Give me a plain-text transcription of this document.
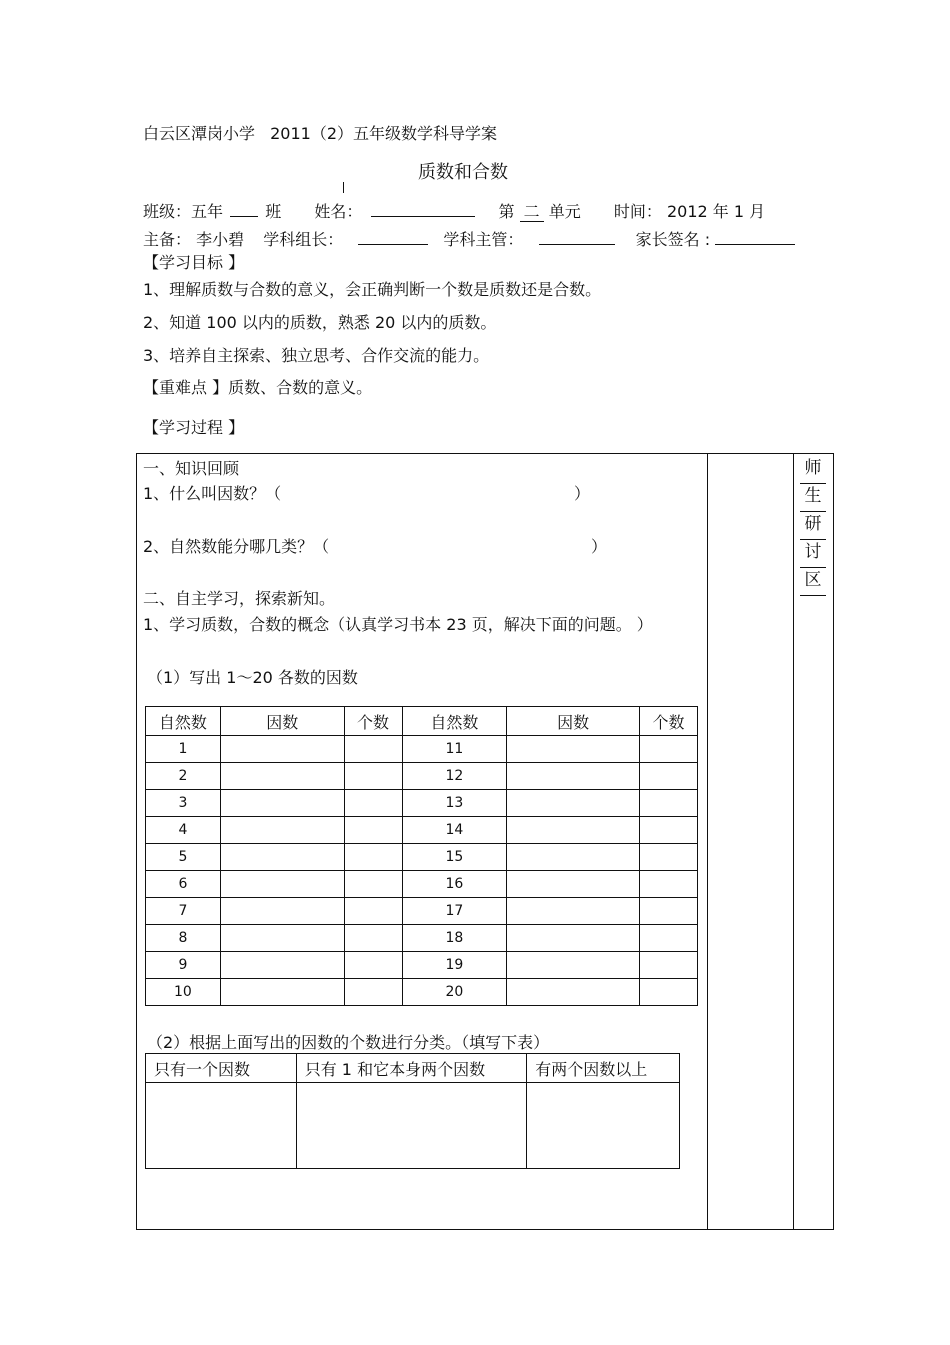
白云区潭岗小学 2011（2）五年级数学科导学案
质数和合数
班级：五年	班 姓名：	第 二 单元 时间： 2012 年 1 月
主备： 李小碧 学科组长：	学科主管：	家长签名 :
【学习目标 】
1、理解质数与合数的意义，会正确判断一个数是质数还是合数。
2、知道 100 以内的质数，熟悉 20 以内的质数。
3、培养自主探索、独立思考、合作交流的能力。
【重难点 】质数、合数的意义。
【学习过程 】
师
生
研
讨
区
一、知识回顾
1、什么叫因数？（	）
2、自然数能分哪几类？（	）
二、自主学习，探索新知。
1、学习质数，合数的概念（认真学习书本 23 页，解决下面的问题。 ）
（1）写出 1～20 各数的因数
自然数	因数	个数	自然数	因数	个数
1			11		
2			12		
3			13		
4			14		
5			15		
6			16		
7			17		
8			18		
9			19		
10			20		
（2）根据上面写出的因数的个数进行分类。（填写下表）
只有一个因数	只有 1 和它本身两个因数	有两个因数以上
